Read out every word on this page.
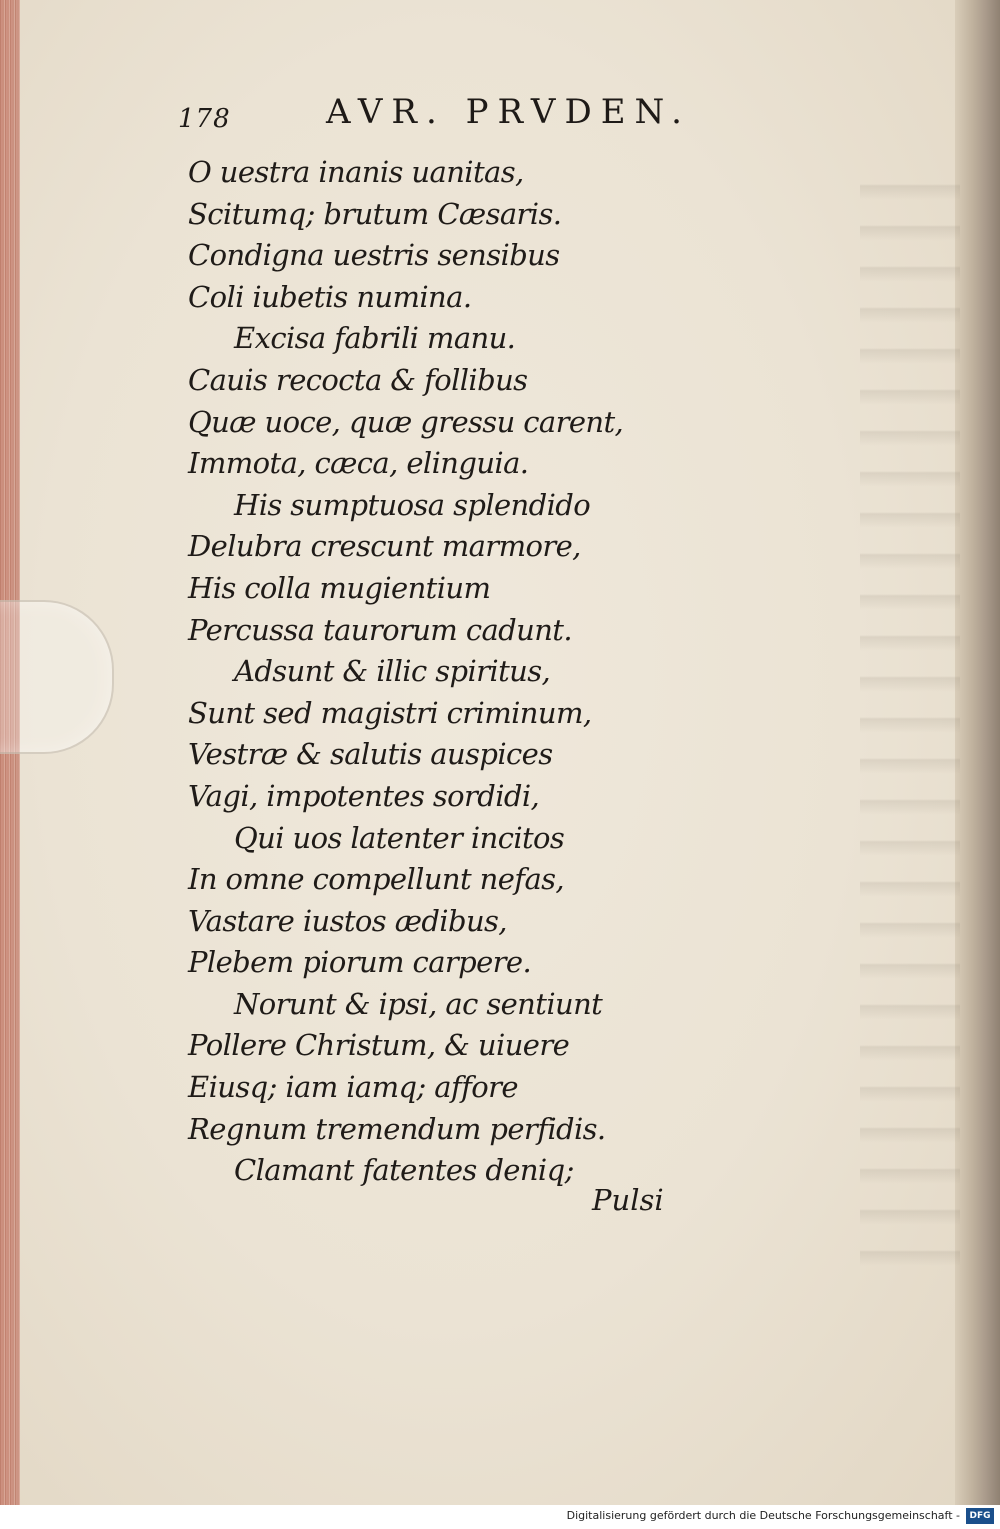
178	AVR. PRVDEN.
O uestra inanis uanitas,
Scitumq; brutum Cæsaris.
Condigna uestris sensibus
Coli iubetis numina.
Excisa fabrili manu.
Cauis recocta & follibus
Quæ uoce, quæ gressu carent,
Immota, cæca, elinguia.
His sumptuosa splendido
Delubra crescunt marmore,
His colla mugientium
Percussa taurorum cadunt.
Adsunt & illic spiritus,
Sunt sed magistri criminum,
Vestræ & salutis auspices
Vagi, impotentes sordidi,
Qui uos latenter incitos
In omne compellunt nefas,
Vastare iustos ædibus,
Plebem piorum carpere.
Norunt & ipsi, ac sentiunt
Pollere Christum, & uiuere
Eiusq; iam iamq; affore
Regnum tremendum perfidis.
Clamant fatentes deniq;
Pulsi
Digitalisierung gefördert durch die Deutsche Forschungsgemeinschaft -	DFG
